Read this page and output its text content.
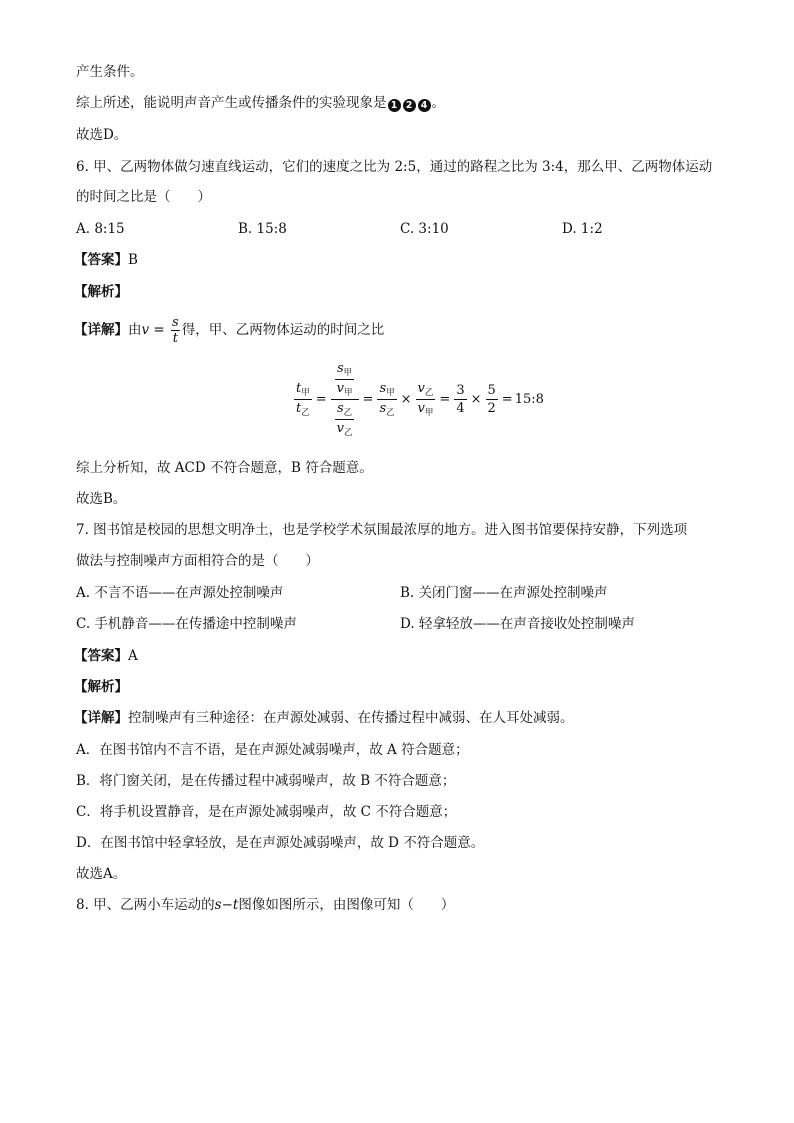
产生条件。
综上所述，能说明声音产生或传播条件的实验现象是 1 2 4 。
故选D。
6. 甲、乙两物体做匀速直线运动，它们的速度之比为 2:5，通过的路程之比为 3:4，那么甲、乙两物体运动
的时间之比是（　　）
A. 8:15	B. 15:8	C. 3:10	D. 1:2
【答案】B
【解析】
【详解】由$v = \frac{s}{t}$ 得，甲、乙两物体运动的时间之比
$\frac{t_甲}{t_乙} = \frac{\frac{s_甲}{v_甲}}{\frac{s_乙}{v_乙}} = \frac{s_甲}{s_乙} \times \frac{v_乙}{v_甲} = \frac{3}{4} \times \frac{5}{2}$ = 15:8
综上分析知，故 ACD 不符合题意，B 符合题意。
故选B。
7. 图书馆是校园的思想文明净土，也是学校学术氛围最浓厚的地方。进入图书馆要保持安静，下列选项
做法与控制噪声方面相符合的是（　　）
A. 不言不语——在声源处控制噪声	B. 关闭门窗——在声源处控制噪声
C. 手机静音——在传播途中控制噪声	D. 轻拿轻放——在声音接收处控制噪声
【答案】A
【解析】
【详解】控制噪声有三种途径：在声源处减弱、在传播过程中减弱、在人耳处减弱。
A．在图书馆内不言不语，是在声源处减弱噪声，故 A 符合题意；
B．将门窗关闭，是在传播过程中减弱噪声，故 B 不符合题意；
C．将手机设置静音，是在声源处减弱噪声，故 C 不符合题意；
D．在图书馆中轻拿轻放，是在声源处减弱噪声，故 D 不符合题意。
故选A。
8. 甲、乙两小车运动的s−t图像如图所示，由图像可知（　　）
